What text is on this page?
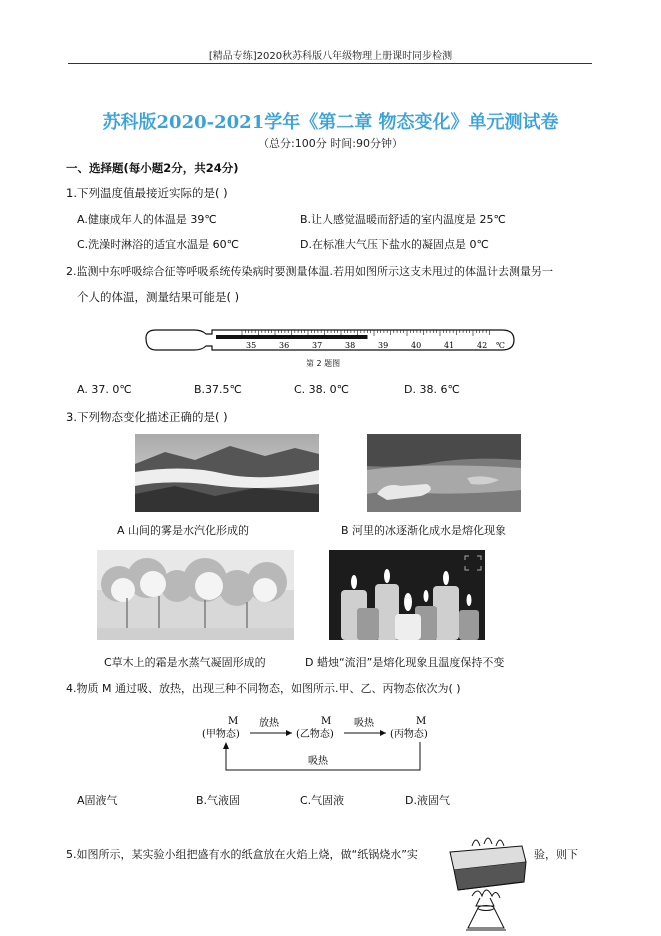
[精品专练]2020秋苏科版八年级物理上册课时同步检测
苏科版2020-2021学年《第二章 物态变化》单元测试卷
（总分:100分 时间:90分钟）
一、选择题(每小题2分，共24分)
1.下列温度值最接近实际的是( )
A.健康成年人的体温是 39℃	B.让人感觉温暖而舒适的室内温度是 25℃
C.洗澡时淋浴的适宜水温是 60℃	D.在标准大气压下盐水的凝固点是 0℃
2.监测中东呼吸综合征等呼吸系统传染病时要测量体温.若用如图所示这支未甩过的体温计去测量另一
个人的体温，测量结果可能是( )
35	36	37	38	39	40	41	42 ℃
第 2 题图
A. 37. 0℃	B.37.5℃	C. 38. 0℃	D. 38. 6℃
3.下列物态变化描述正确的是( )
A 山间的雾是水汽化形成的	B 河里的冰逐渐化成水是熔化现象
C草木上的霜是水蒸气凝固形成的	D 蜡烛“流泪”是熔化现象且温度保持不变
4.物质 M 通过吸、放热，出现三种不同物态，如图所示.甲、乙、丙物态依次为( )
M	M	M
(甲物态)	(乙物态)	(丙物态)
放热	吸热
吸热
A固液气	B.气液固	C.气固液	D.液固气
5.如图所示，某实验小组把盛有水的纸盒放在火焰上烧，做“纸锅烧水”实	验，则下
